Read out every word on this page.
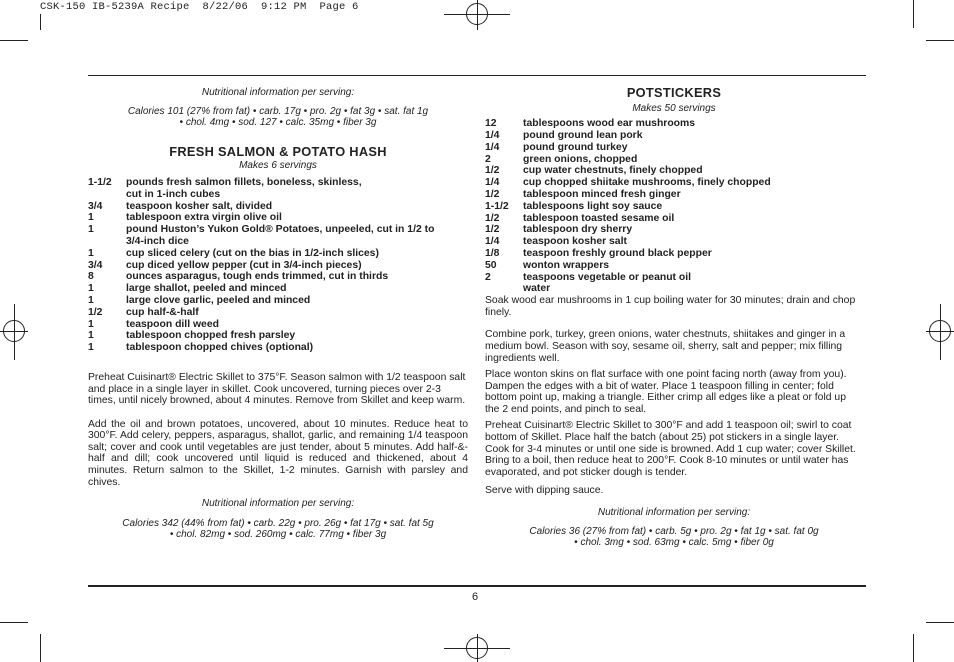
CSK-150 IB-5239A Recipe  8/22/06  9:12 PM  Page 6

Nutritional information per serving:

Calories 101 (27% from fat) • carb. 17g • pro. 2g • fat 3g • sat. fat 1g

• chol. 4mg • sod. 127 • calc. 35mg • fiber 3g

FRESH SALMON & POTATO HASH

Makes 6 servings

1-1/2	pounds fresh salmon fillets, boneless, skinless,
cut in 1-inch cubes
3/4	teaspoon kosher salt, divided
1	tablespoon extra virgin olive oil
1	pound Huston’s Yukon Gold® Potatoes, unpeeled, cut in 1/2 to
3/4-inch dice
1	cup sliced celery (cut on the bias in 1/2-inch slices)
3/4	cup diced yellow pepper (cut in 3/4-inch pieces)
8	ounces asparagus, tough ends trimmed, cut in thirds
1	large shallot, peeled and minced
1	large clove garlic, peeled and minced
1/2	cup half-&-half
1	teaspoon dill weed
1	tablespoon chopped fresh parsley
1	tablespoon chopped chives (optional)

Preheat Cuisinart® Electric Skillet to 375°F. Season salmon with 1/2 teaspoon salt and place in a single layer in skillet. Cook uncovered, turning pieces over 2-3 times, until nicely browned, about 4 minutes. Remove from Skillet and keep warm.

Add the oil and brown potatoes, uncovered, about 10 minutes. Reduce heat to 300°F. Add celery, peppers, asparagus, shallot, garlic, and remaining 1/4 teaspoon salt; cover and cook until vegetables are just tender, about 5 minutes. Add half-&-half and dill; cook uncovered until liquid is reduced and thickened, about 4 minutes. Return salmon to the Skillet, 1-2 minutes. Garnish with parsley and chives.

Nutritional information per serving:

Calories 342 (44% from fat) • carb. 22g • pro. 26g • fat 17g • sat. fat 5g

• chol. 82mg • sod. 260mg • calc. 77mg • fiber 3g

POTSTICKERS

Makes 50 servings

12	tablespoons wood ear mushrooms
1/4	pound ground lean pork
1/4	pound ground turkey
2	green onions, chopped
1/2	cup water chestnuts, finely chopped
1/4	cup chopped shiitake mushrooms, finely chopped
1/2	tablespoon minced fresh ginger
1-1/2	tablespoons light soy sauce
1/2	tablespoon toasted sesame oil
1/2	tablespoon dry sherry
1/4	teaspoon kosher salt
1/8	teaspoon freshly ground black pepper
50	wonton wrappers
2	teaspoons vegetable or peanut oil
water

Soak wood ear mushrooms in 1 cup boiling water for 30 minutes; drain and chop finely.

Combine pork, turkey, green onions, water chestnuts, shiitakes and ginger in a medium bowl. Season with soy, sesame oil, sherry, salt and pepper; mix filling ingredients well.

Place wonton skins on flat surface with one point facing north (away from you). Dampen the edges with a bit of water. Place 1 teaspoon filling in center; fold bottom point up, making a triangle. Either crimp all edges like a pleat or fold up the 2 end points, and pinch to seal.

Preheat Cuisinart® Electric Skillet to 300°F and add 1 teaspoon oil; swirl to coat bottom of Skillet. Place half the batch (about 25) pot stickers in a single layer. Cook for 3-4 minutes or until one side is browned. Add 1 cup water; cover Skillet. Bring to a boil, then reduce heat to 200°F. Cook 8-10 minutes or until water has evaporated, and pot sticker dough is tender.

Serve with dipping sauce.

Nutritional information per serving:

Calories 36 (27% from fat) • carb. 5g • pro. 2g • fat 1g • sat. fat 0g

• chol. 3mg • sod. 63mg • calc. 5mg • fiber 0g

6
